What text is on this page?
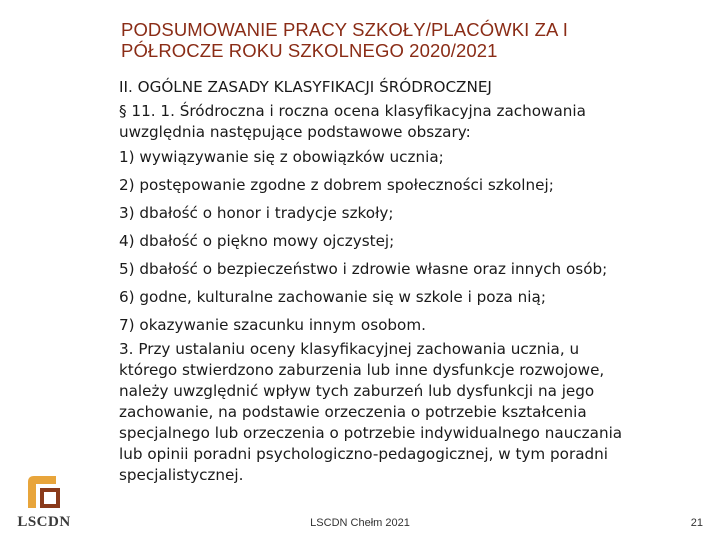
PODSUMOWANIE PRACY SZKOŁY/PLACÓWKI ZA I
PÓŁROCZE ROKU SZKOLNEGO 2020/2021

II. OGÓLNE ZASADY KLASYFIKACJI ŚRÓDROCZNEJ

§ 11. 1. Śródroczna i roczna ocena klasyfikacyjna zachowania
uwzględnia następujące podstawowe obszary:

1) wywiązywanie się z obowiązków ucznia;

2) postępowanie zgodne z dobrem społeczności szkolnej;

3) dbałość o honor i tradycje szkoły;

4) dbałość o piękno mowy ojczystej;

5) dbałość o bezpieczeństwo i zdrowie własne oraz innych osób;

6) godne, kulturalne zachowanie się w szkole i poza nią;

7) okazywanie szacunku innym osobom.

3. Przy ustalaniu oceny klasyfikacyjnej zachowania ucznia, u
którego stwierdzono zaburzenia lub inne dysfunkcje rozwojowe,
należy uwzględnić wpływ tych zaburzeń lub dysfunkcji na jego
zachowanie, na podstawie orzeczenia o potrzebie kształcenia
specjalnego lub orzeczenia o potrzebie indywidualnego nauczania
lub opinii poradni psychologiczno-pedagogicznej, w tym poradni
specjalistycznej.

LSCDN	LSCDN Chełm 2021	21
